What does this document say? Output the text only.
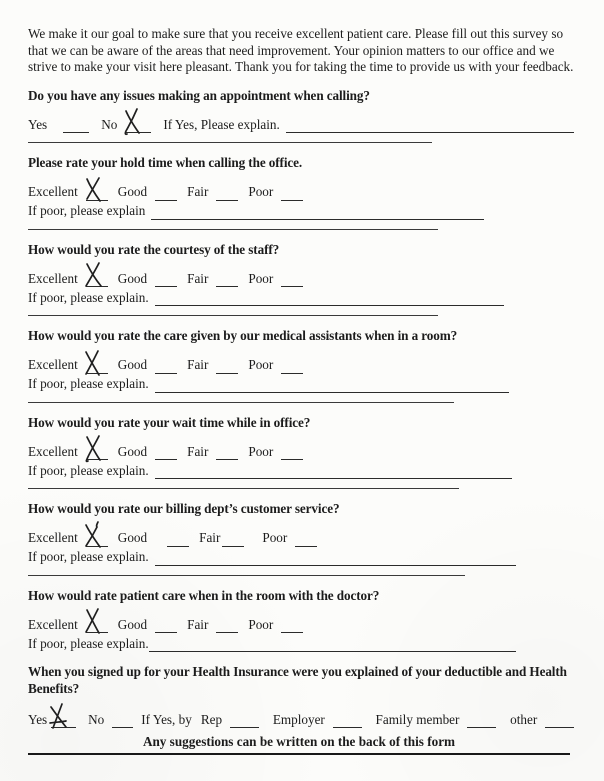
We make it our goal to make sure that you receive excellent patient care. Please fill out this survey so that we can be aware of the areas that need improvement. Your opinion matters to our office and we strive to make your visit here pleasant. Thank you for taking the time to provide us with your feedback.

Do you have any issues making an appointment when calling?
Yes	No	If Yes, Please explain.
Please rate your hold time when calling the office.
Excellent	Good	Fair	Poor
If poor, please explain
How would you rate the courtesy of the staff?
Excellent	Good	Fair	Poor
If poor, please explain.
How would you rate the care given by our medical assistants when in a room?
Excellent	Good	Fair	Poor
If poor, please explain.
How would you rate your wait time while in office?
Excellent	Good	Fair	Poor
If poor, please explain.
How would you rate our billing dept’s customer service?
Excellent	Good	Fair	Poor
If poor, please explain.
How would rate patient care when in the room with the doctor?
Excellent	Good	Fair	Poor
If poor, please explain.
When you signed up for your Health Insurance were you explained of your deductible and Health Benefits?
Yes	No	If Yes, by Rep	Employer	Family member	other
Any suggestions can be written on the back of this form
